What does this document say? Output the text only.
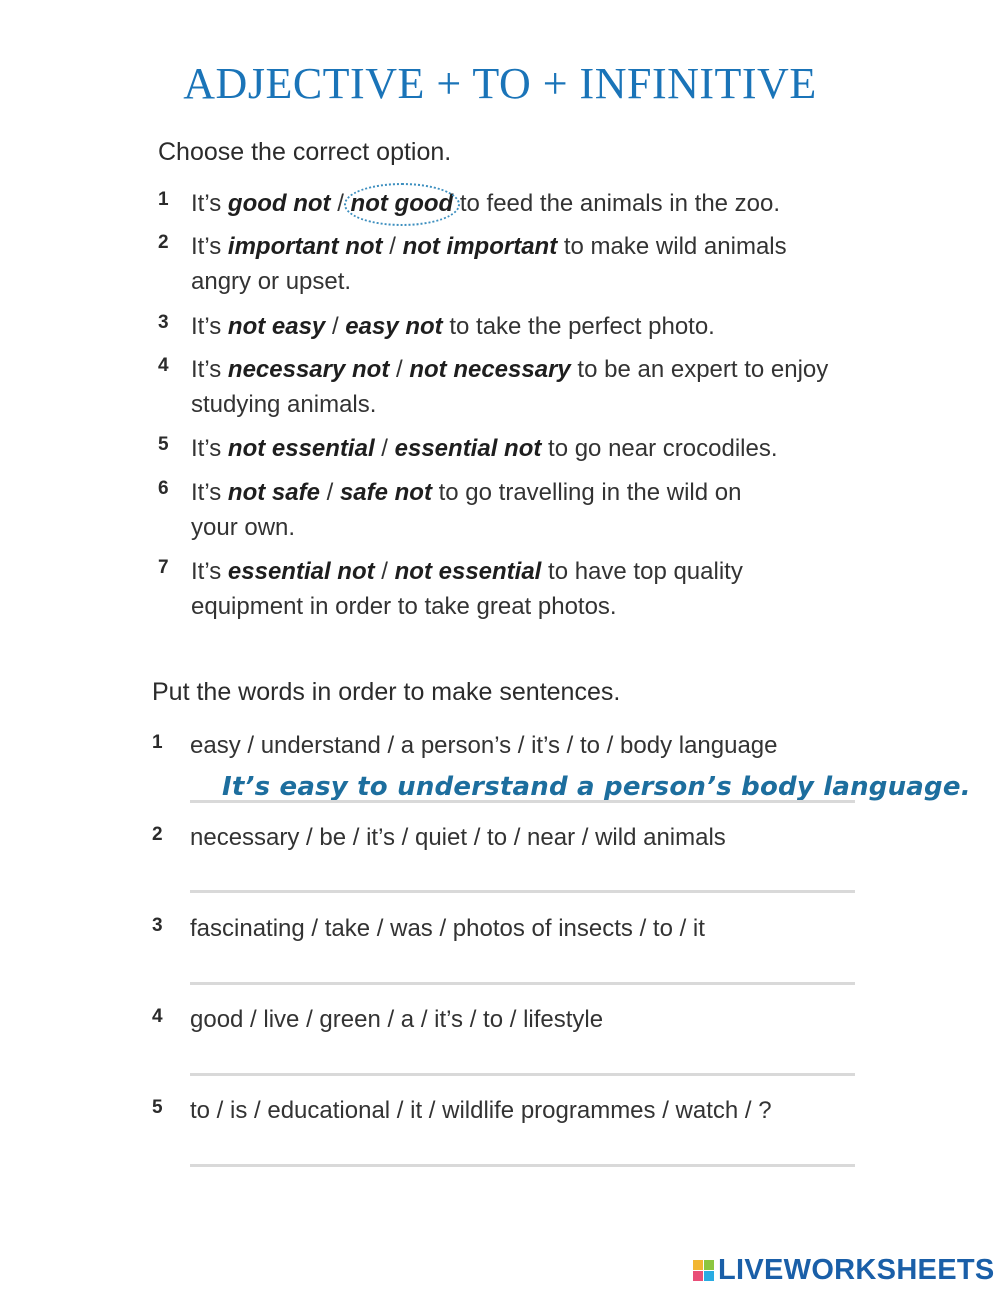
ADJECTIVE + TO + INFINITIVE
Choose the correct option.
1 It’s good not / not good
to feed the animals in the zoo.
2 It’s important not / not important to make wild animals angry or upset.
3 It’s not easy / easy not to take the perfect photo.
4 It’s necessary not / not necessary to be an expert to enjoy studying animals.
5 It’s not essential / essential not to go near crocodiles.
6 It’s not safe / safe not to go travelling in the wild on your own.
7 It’s essential not / not essential to have top quality equipment in order to take great photos.
Put the words in order to make sentences.
1 easy / understand / a person’s / it’s / to / body language
It’s easy to understand a person’s body language.
2 necessary / be / it’s / quiet / to / near / wild animals
3 fascinating / take / was / photos of insects / to / it
4 good / live / green / a / it’s / to / lifestyle
5 to / is / educational / it / wildlife programmes / watch / ?
LIVEWORKSHEETS
